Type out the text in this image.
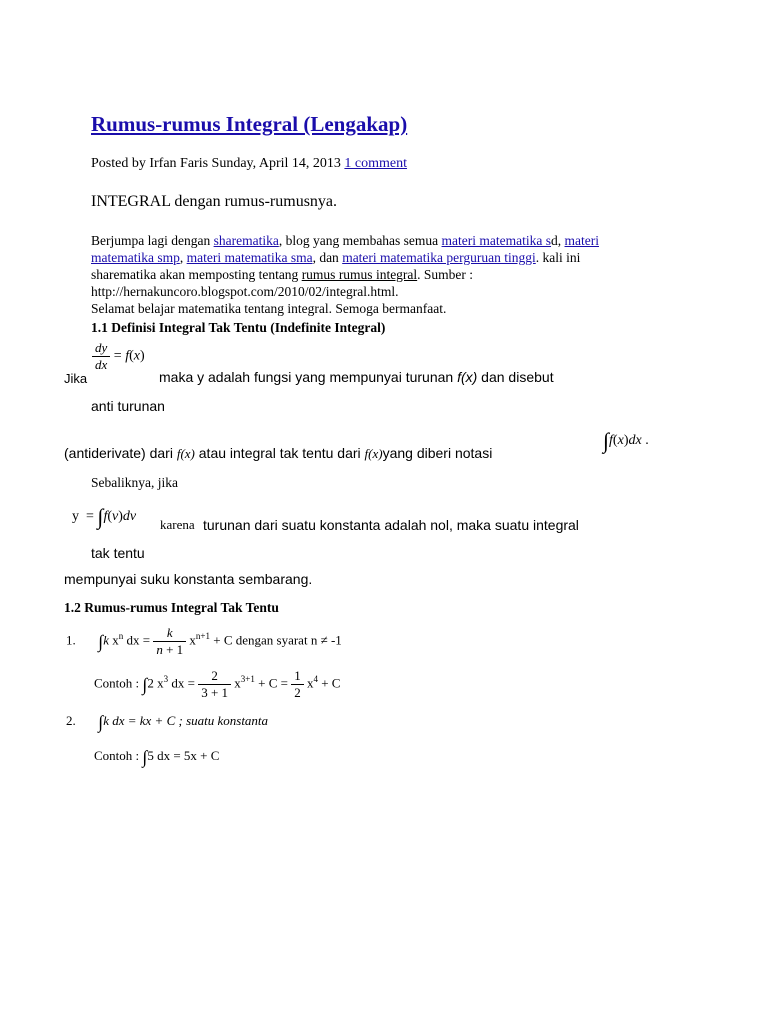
Rumus-rumus Integral (Lengakap)
Posted by Irfan Faris Sunday, April 14, 2013 1 comment
INTEGRAL dengan rumus-rumusnya.
Berjumpa lagi dengan sharematika, blog yang membahas semua materi matematika sd, materi
matematika smp, materi matematika sma, dan materi matematika perguruan tinggi. kali ini
sharematika akan memposting tentang rumus rumus integral. Sumber :
http://hernakuncoro.blogspot.com/2010/02/integral.html.
Selamat belajar matematika tentang integral. Semoga bermanfaat.
1.1 Definisi Integral Tak Tentu (Indefinite Integral)
$\frac{dy}{dx} = f(x)$
Jika	maka y adalah fungsi yang mempunyai turunan f(x) dan disebut
anti turunan
(antiderivate) dari f(x) atau integral tak tentu dari f(x)yang diberi notasi	∫f(x)dx .
Sebaliknya, jika
y  = ∫f(v)dv
karena turunan dari suatu konstanta adalah nol, maka suatu integral
tak tentu
mempunyai suku konstanta sembarang.
1.2 Rumus-rumus Integral Tak Tentu
1. ∫k $x^n$ dx = $\frac{k}{n + 1} x^{n+1} + C$ dengan syarat n ≠ -1
Contoh : ∫2 $x^3$ dx = $\frac{2}{3 + 1} x^{3+1} + C = \frac{1}{2} x^4 + C$
2. ∫k dx = kx + C ; suatu konstanta
Contoh : ∫5 dx = 5x + C
